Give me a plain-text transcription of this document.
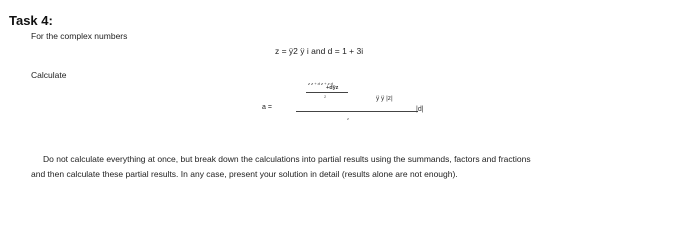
Task 4:
For the complex numbers
z = ÿ2 ÿ i and d = 1 + 3i
Calculate
a =
z z + d z + z d
+dÿz
2	ÿ ÿ |z|
|d|
z

Do not calculate everything at once, but break down the calculations into partial results using the summands, factors and fractions

and then calculate these partial results. In any case, present your solution in detail (results alone are not enough).
